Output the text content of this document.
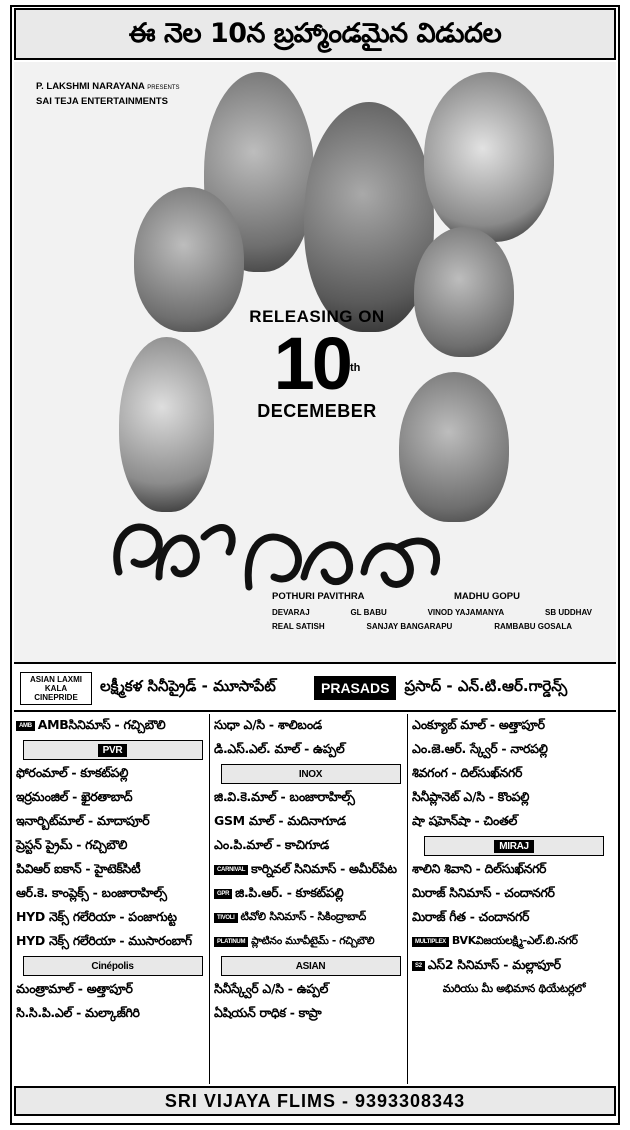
ఈ నెల 10న బ్రహ్మాండమైన విడుదల
P. LAKSHMI NARAYANA PRESENTS
SAI TEJA ENTERTAINMENTS
RELEASING ON
10th
DECEMEBER
ప్లోర్ సత్యం
POTHURI PAVITHRA	MADHU GOPU
DEVARAJ	GL BABU	VINOD YAJAMANYA	SB UDDHAV
REAL SATISH	SANJAY BANGARAPU	RAMBABU GOSALA
ASIAN LAXMI KALA CINEPRIDE
లక్ష్మీకళ సినీప్రైడ్ - మూసాపేట్	PRASADS	ప్రసాద్ - ఎన్.టి.ఆర్.గార్డెన్స్
AMB AMBసినిమాస్ - గచ్చిబౌలి
PVR
ఫోరంమాల్ - కూకట్‌పల్లి
ఇర్రమంజిల్ - ఖైరతాబాద్
ఇనార్బిట్‌మాల్ - మాదాపూర్
ప్రెస్టన్ ప్రైమ్ - గచ్చిబౌలి
పివిఆర్ ఐకాన్ - హైటెక్‌సిటీ
ఆర్.కె. కాంప్లెక్స్ - బంజారాహిల్స్
HYD నెక్స్ గలేరియా - పంజాగుట్ట
HYD నెక్స్ గలేరియా - ముసారంబాగ్
Cinépolis
మంత్రామాల్ - అత్తాపూర్
సి.సి.పి.ఎల్ - మల్కాజ్‌గిరి
సుధా ఎ/సి - శాలిబండ
డి.ఎస్.ఎల్. మాల్ - ఉప్పల్
INOX
జి.వి.కె.మాల్ - బంజారాహిల్స్
GSM మాల్ - మదినాగూడ
ఎం.పి.మాల్ - కాచిగూడ
CARNIVAL కార్నివల్ సినిమాస్ - అమీర్‌పేట
GPR జి.పి.ఆర్. - కూకట్‌పల్లి
TIVOLI టివోలి సినిమాస్ - సికింద్రాబాద్
PLATINUM ప్లాటినం మూవీటైమ్ - గచ్చిబౌలి
ASIAN
సినీస్క్వేర్ ఎ/సి - ఉప్పల్
ఏషియన్ రాధిక - కాప్రా
ఎంక్యూబ్ మాల్ - అత్తాపూర్
ఎం.జె.ఆర్. స్క్వేర్ - నారపల్లి
శివగంగ - దిల్‌సుఖ్‌నగర్
సినీప్లానెట్ ఎ/సి - కొంపల్లి
షా షహెన్‌షా - చింతల్
MIRAJ
శాలిని శివాని - దిల్‌సుఖ్‌నగర్
మిరాజ్ సినిమాస్ - చందానగర్
మిరాజ్ గీత - చందానగర్
MULTIPLEX BVKవిజయలక్ష్మి-ఎల్.బి.నగర్
S2 ఎస్2 సినిమాస్ - మల్లాపూర్
మరియు మీ అభిమాన థియేటర్లలో
SRI VIJAYA FLIMS - 9393308343
